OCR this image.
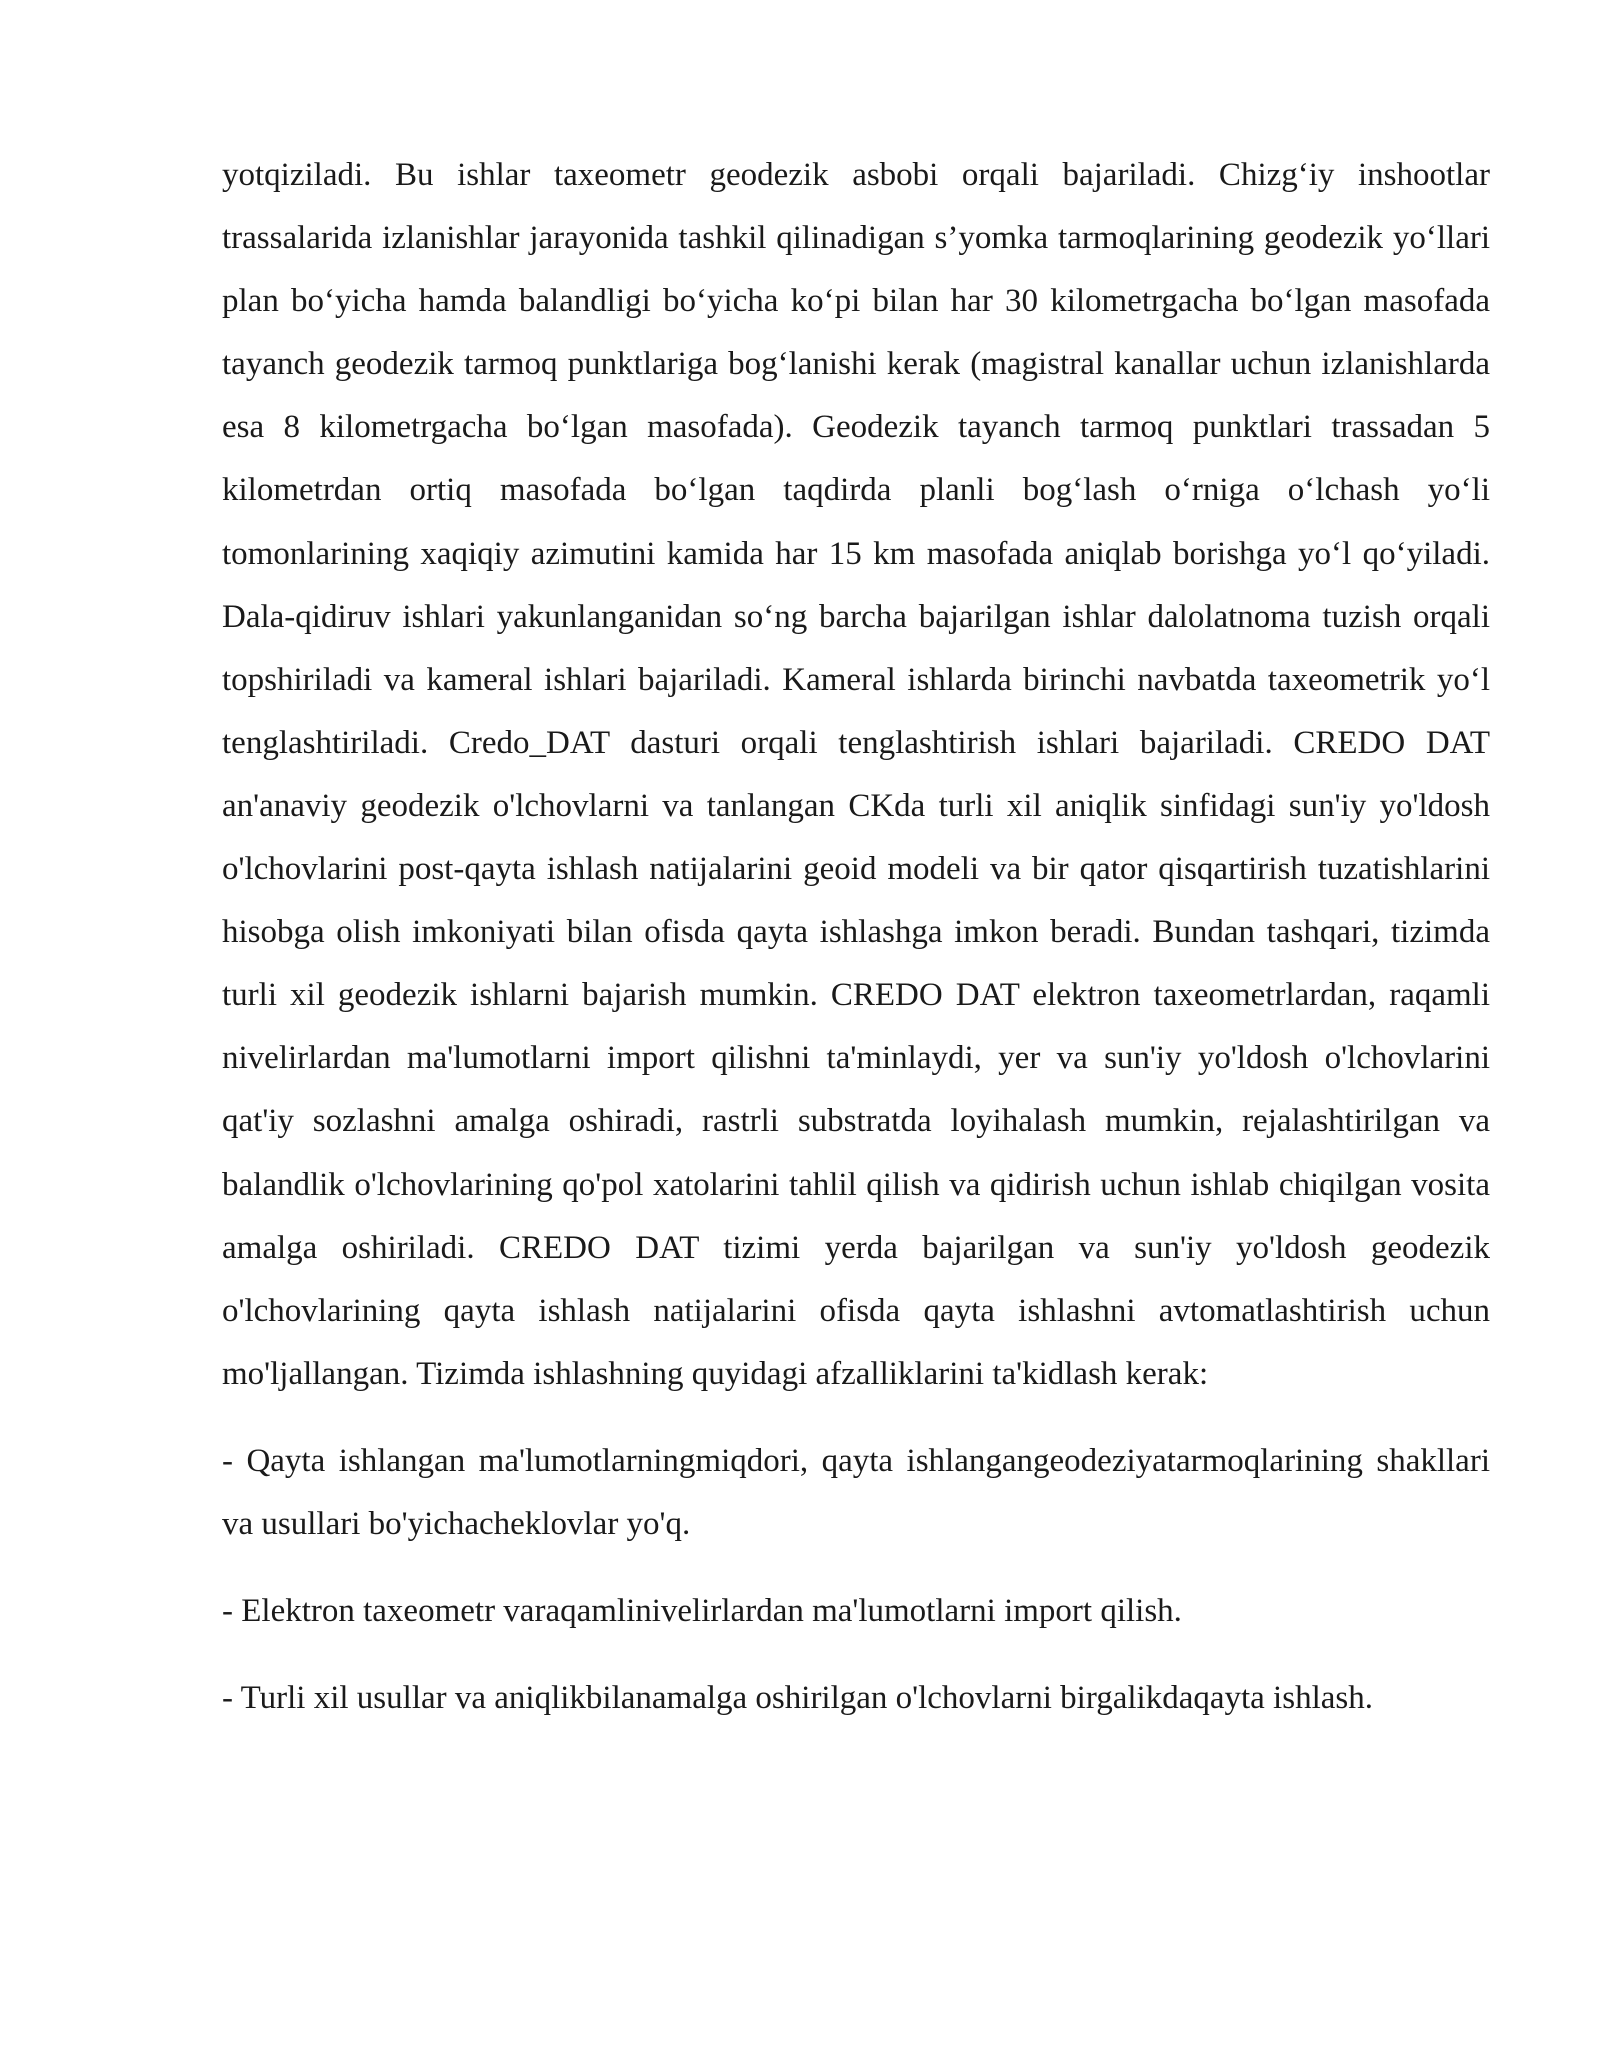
yotqiziladi. Bu ishlar taxeometr geodezik asbobi orqali bajariladi. Chizg‘iy inshootlar trassalarida izlanishlar jarayonida tashkil qilinadigan s’yomka tarmoqlarining geodezik yo‘llari plan bo‘yicha hamda balandligi bo‘yicha ko‘pi bilan har 30 kilometrgacha bo‘lgan masofada tayanch geodezik tarmoq punktlariga bog‘lanishi kerak (magistral kanallar uchun izlanishlarda esa 8 kilometrgacha bo‘lgan masofada). Geodezik tayanch tarmoq punktlari trassadan 5 kilometrdan ortiq masofada bo‘lgan taqdirda planli bog‘lash o‘rniga o‘lchash yo‘li tomonlarining xaqiqiy azimutini kamida har 15 km masofada aniqlab borishga yo‘l qo‘yiladi. Dala-qidiruv ishlari yakunlanganidan so‘ng barcha bajarilgan ishlar dalolatnoma tuzish orqali topshiriladi va kameral ishlari bajariladi. Kameral ishlarda birinchi navbatda taxeometrik yo‘l tenglashtiriladi. Credo_DAT dasturi orqali tenglashtirish ishlari bajariladi. CREDO DAT an'anaviy geodezik o'lchovlarni va tanlangan CKda turli xil aniqlik sinfidagi sun'iy yo'ldosh o'lchovlarini post-qayta ishlash natijalarini geoid modeli va bir qator qisqartirish tuzatishlarini hisobga olish imkoniyati bilan ofisda qayta ishlashga imkon beradi. Bundan tashqari, tizimda turli xil geodezik ishlarni bajarish mumkin. CREDO DAT elektron taxeometrlardan, raqamli nivelirlardan ma'lumotlarni import qilishni ta'minlaydi, yer va sun'iy yo'ldosh o'lchovlarini qat'iy sozlashni amalga oshiradi, rastrli substratda loyihalash mumkin, rejalashtirilgan va balandlik o'lchovlarining qo'pol xatolarini tahlil qilish va qidirish uchun ishlab chiqilgan vosita amalga oshiriladi. CREDO DAT tizimi yerda bajarilgan va sun'iy yo'ldosh geodezik o'lchovlarining qayta ishlash natijalarini ofisda qayta ishlashni avtomatlashtirish uchun mo'ljallangan. Tizimda ishlashning quyidagi afzalliklarini ta'kidlash kerak:

- Qayta ishlangan ma'lumotlarningmiqdori, qayta ishlangangeodeziyatarmoqlarining shakllari va usullari bo'yichacheklovlar yo'q.

- Elektron taxeometr varaqamlinivelirlardan ma'lumotlarni import qilish.

- Turli xil usullar va aniqlikbilanamalga oshirilgan o'lchovlarni birgalikdaqayta ishlash.
